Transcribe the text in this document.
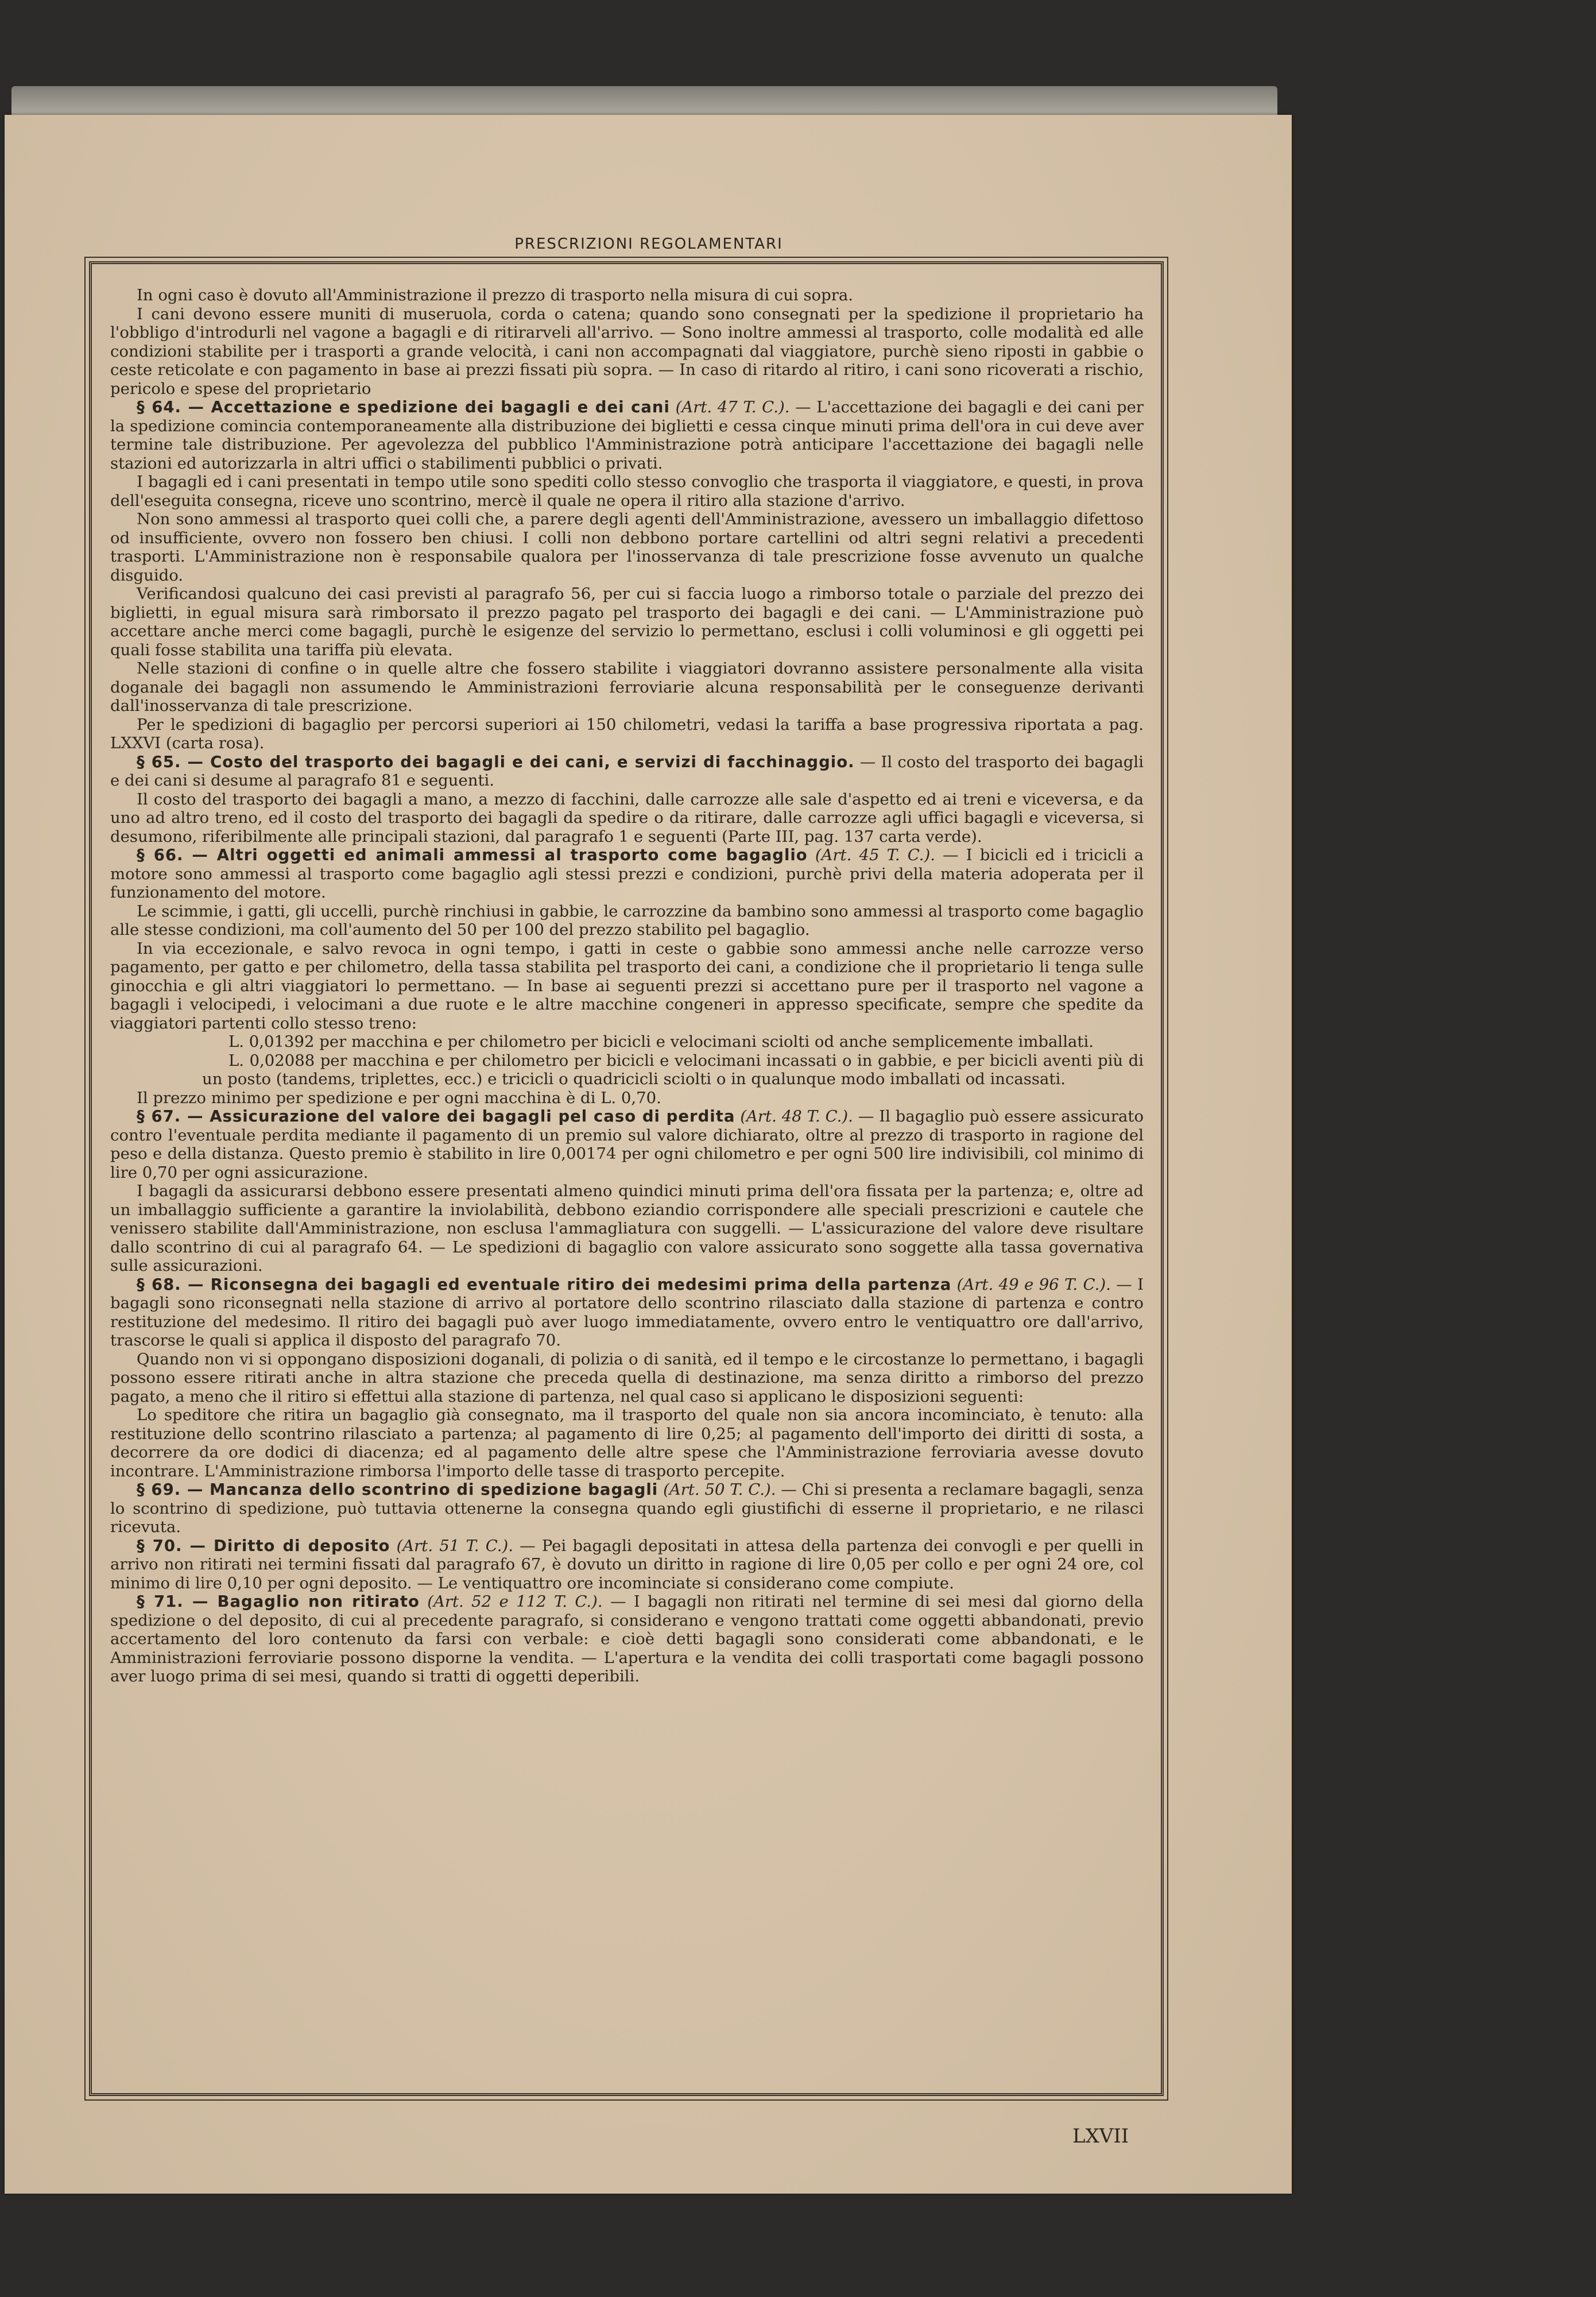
PRESCRIZIONI REGOLAMENTARI

In ogni caso è dovuto all'Amministrazione il prezzo di trasporto nella misura di cui sopra.

I cani devono essere muniti di museruola, corda o catena; quando sono consegnati per la spedizione il proprietario ha l'obbligo d'introdurli nel vagone a bagagli e di ritirarveli all'arrivo. — Sono inoltre ammessi al trasporto, colle modalità ed alle condizioni stabilite per i trasporti a grande velocità, i cani non accompagnati dal viaggiatore, purchè sieno riposti in gabbie o ceste reticolate e con pagamento in base ai prezzi fissati più sopra. — In caso di ritardo al ritiro, i cani sono ricoverati a rischio, pericolo e spese del proprietario

§ 64. — Accettazione e spedizione dei bagagli e dei cani (Art. 47 T. C.). — L'accettazione dei bagagli e dei cani per la spedizione comincia contemporaneamente alla distribuzione dei biglietti e cessa cinque minuti prima dell'ora in cui deve aver termine tale distribuzione. Per agevolezza del pubblico l'Amministrazione potrà anticipare l'accettazione dei bagagli nelle stazioni ed autorizzarla in altri uffici o stabilimenti pubblici o privati.

I bagagli ed i cani presentati in tempo utile sono spediti collo stesso convoglio che trasporta il viaggiatore, e questi, in prova dell'eseguita consegna, riceve uno scontrino, mercè il quale ne opera il ritiro alla stazione d'arrivo.

Non sono ammessi al trasporto quei colli che, a parere degli agenti dell'Amministrazione, avessero un imballaggio difettoso od insufficiente, ovvero non fossero ben chiusi. I colli non debbono portare cartellini od altri segni relativi a precedenti trasporti. L'Amministrazione non è responsabile qualora per l'inosservanza di tale prescrizione fosse avvenuto un qualche disguido.

Verificandosi qualcuno dei casi previsti al paragrafo 56, per cui si faccia luogo a rimborso totale o parziale del prezzo dei biglietti, in egual misura sarà rimborsato il prezzo pagato pel trasporto dei bagagli e dei cani. — L'Amministrazione può accettare anche merci come bagagli, purchè le esigenze del servizio lo permettano, esclusi i colli voluminosi e gli oggetti pei quali fosse stabilita una tariffa più elevata.

Nelle stazioni di confine o in quelle altre che fossero stabilite i viaggiatori dovranno assistere personalmente alla visita doganale dei bagagli non assumendo le Amministrazioni ferroviarie alcuna responsabilità per le conseguenze derivanti dall'inosservanza di tale prescrizione.

Per le spedizioni di bagaglio per percorsi superiori ai 150 chilometri, vedasi la tariffa a base progressiva riportata a pag. LXXVI (carta rosa).

§ 65. — Costo del trasporto dei bagagli e dei cani, e servizi di facchinaggio. — Il costo del trasporto dei bagagli e dei cani si desume al paragrafo 81 e seguenti.

Il costo del trasporto dei bagagli a mano, a mezzo di facchini, dalle carrozze alle sale d'aspetto ed ai treni e viceversa, e da uno ad altro treno, ed il costo del trasporto dei bagagli da spedire o da ritirare, dalle carrozze agli uffici bagagli e viceversa, si desumono, riferibilmente alle principali stazioni, dal paragrafo 1 e seguenti (Parte III, pag. 137 carta verde).

§ 66. — Altri oggetti ed animali ammessi al trasporto come bagaglio (Art. 45 T. C.). — I bicicli ed i tricicli a motore sono ammessi al trasporto come bagaglio agli stessi prezzi e condizioni, purchè privi della materia adoperata per il funzionamento del motore.

Le scimmie, i gatti, gli uccelli, purchè rinchiusi in gabbie, le carrozzine da bambino sono ammessi al trasporto come bagaglio alle stesse condizioni, ma coll'aumento del 50 per 100 del prezzo stabilito pel bagaglio.

In via eccezionale, e salvo revoca in ogni tempo, i gatti in ceste o gabbie sono ammessi anche nelle carrozze verso pagamento, per gatto e per chilometro, della tassa stabilita pel trasporto dei cani, a condizione che il proprietario li tenga sulle ginocchia e gli altri viaggiatori lo permettano. — In base ai seguenti prezzi si accettano pure per il trasporto nel vagone a bagagli i velocipedi, i velocimani a due ruote e le altre macchine congeneri in appresso specificate, sempre che spedite da viaggiatori partenti collo stesso treno:

L. 0,01392 per macchina e per chilometro per bicicli e velocimani sciolti od anche semplicemente imballati.

L. 0,02088 per macchina e per chilometro per bicicli e velocimani incassati o in gabbie, e per bicicli aventi più di un posto (tandems, triplettes, ecc.) e tricicli o quadricicli sciolti o in qualunque modo imballati od incassati.

Il prezzo minimo per spedizione e per ogni macchina è di L. 0,70.

§ 67. — Assicurazione del valore dei bagagli pel caso di perdita (Art. 48 T. C.). — Il bagaglio può essere assicurato contro l'eventuale perdita mediante il pagamento di un premio sul valore dichiarato, oltre al prezzo di trasporto in ragione del peso e della distanza. Questo premio è stabilito in lire 0,00174 per ogni chilometro e per ogni 500 lire indivisibili, col minimo di lire 0,70 per ogni assicurazione.

I bagagli da assicurarsi debbono essere presentati almeno quindici minuti prima dell'ora fissata per la partenza; e, oltre ad un imballaggio sufficiente a garantire la inviolabilità, debbono eziandio corrispondere alle speciali prescrizioni e cautele che venissero stabilite dall'Amministrazione, non esclusa l'ammagliatura con suggelli. — L'assicurazione del valore deve risultare dallo scontrino di cui al paragrafo 64. — Le spedizioni di bagaglio con valore assicurato sono soggette alla tassa governativa sulle assicurazioni.

§ 68. — Riconsegna dei bagagli ed eventuale ritiro dei medesimi prima della partenza (Art. 49 e 96 T. C.). — I bagagli sono riconsegnati nella stazione di arrivo al portatore dello scontrino rilasciato dalla stazione di partenza e contro restituzione del medesimo. Il ritiro dei bagagli può aver luogo immediatamente, ovvero entro le ventiquattro ore dall'arrivo, trascorse le quali si applica il disposto del paragrafo 70.

Quando non vi si oppongano disposizioni doganali, di polizia o di sanità, ed il tempo e le circostanze lo permettano, i bagagli possono essere ritirati anche in altra stazione che preceda quella di destinazione, ma senza diritto a rimborso del prezzo pagato, a meno che il ritiro si effettui alla stazione di partenza, nel qual caso si applicano le disposizioni seguenti:

Lo speditore che ritira un bagaglio già consegnato, ma il trasporto del quale non sia ancora incominciato, è tenuto: alla restituzione dello scontrino rilasciato a partenza; al pagamento di lire 0,25; al pagamento dell'importo dei diritti di sosta, a decorrere da ore dodici di diacenza; ed al pagamento delle altre spese che l'Amministrazione ferroviaria avesse dovuto incontrare. L'Amministrazione rimborsa l'importo delle tasse di trasporto percepite.

§ 69. — Mancanza dello scontrino di spedizione bagagli (Art. 50 T. C.). — Chi si presenta a reclamare bagagli, senza lo scontrino di spedizione, può tuttavia ottenerne la consegna quando egli giustifichi di esserne il proprietario, e ne rilasci ricevuta.

§ 70. — Diritto di deposito (Art. 51 T. C.). — Pei bagagli depositati in attesa della partenza dei convogli e per quelli in arrivo non ritirati nei termini fissati dal paragrafo 67, è dovuto un diritto in ragione di lire 0,05 per collo e per ogni 24 ore, col minimo di lire 0,10 per ogni deposito. — Le ventiquattro ore incominciate si considerano come compiute.

§ 71. — Bagaglio non ritirato (Art. 52 e 112 T. C.). — I bagagli non ritirati nel termine di sei mesi dal giorno della spedizione o del deposito, di cui al precedente paragrafo, si considerano e vengono trattati come oggetti abbandonati, previo accertamento del loro contenuto da farsi con verbale: e cioè detti bagagli sono considerati come abbandonati, e le Amministrazioni ferroviarie possono disporne la vendita. — L'apertura e la vendita dei colli trasportati come bagagli possono aver luogo prima di sei mesi, quando si tratti di oggetti deperibili.

LXVII
